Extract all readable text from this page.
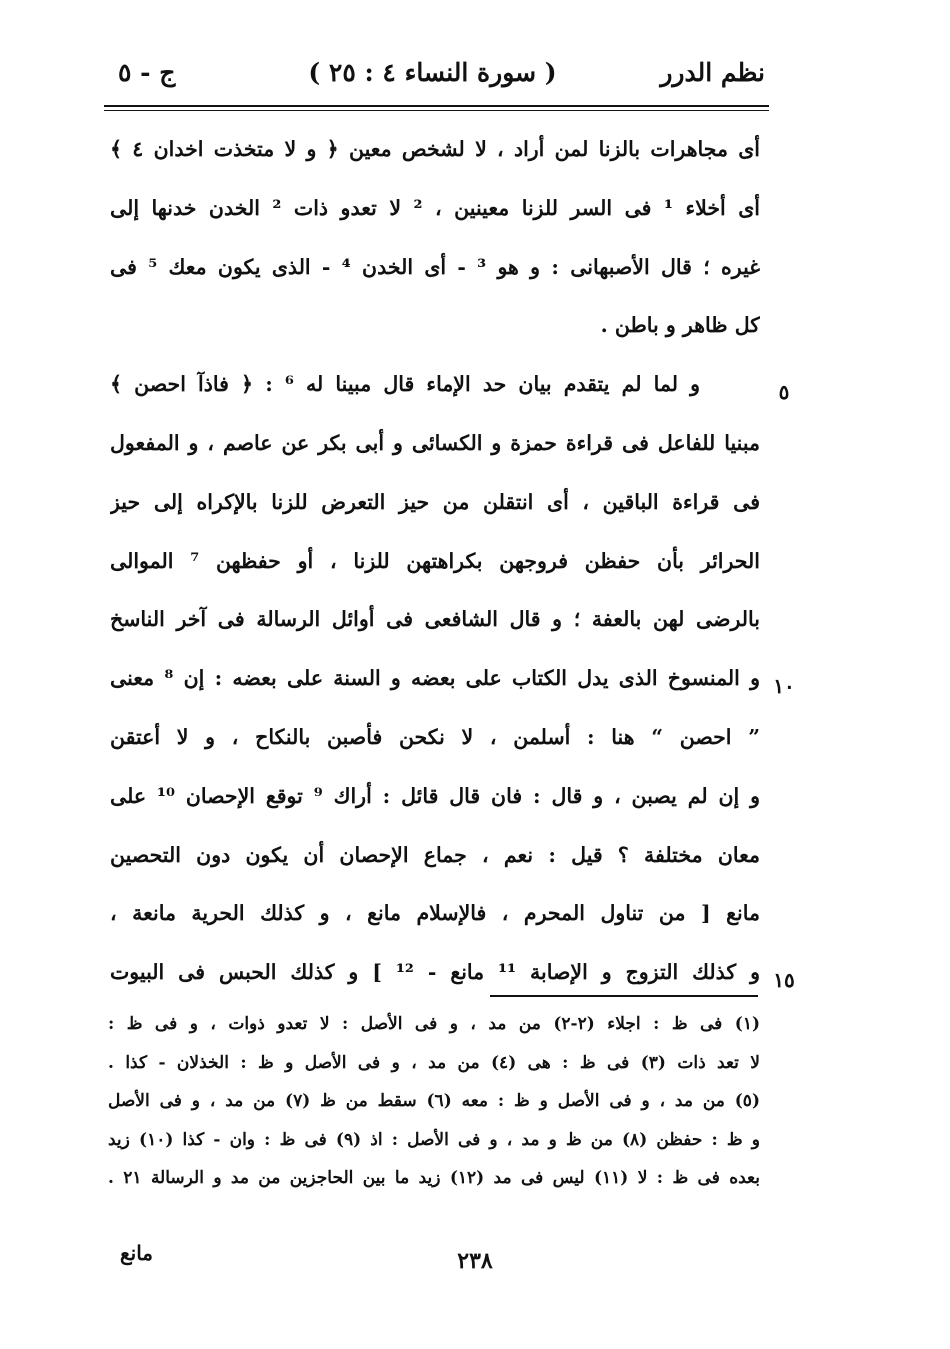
نظم الدرر
( سورة النساء ٤ : ٢٥ )
ج - ٥
أى مجاهرات بالزنا لمن أراد ، لا لشخص معين ﴿ و لا متخذت اخدان ٤ ﴾
أى أخلاء ¹ فى السر للزنا معينين ، ² لا تعدو ذات ² الخدن خدنها إلى
غيره ؛ قال الأصبهانى : و هو ³ - أى الخدن ⁴ - الذى يكون معك ⁵ فى
كل ظاهر و باطن .
و لما لم يتقدم بيان حد الإماء قال مبينا له ⁶ : ﴿ فاذآ احصن ﴾
مبنيا للفاعل فى قراءة حمزة و الكسائى و أبى بكر عن عاصم ، و المفعول
فى قراءة الباقين ، أى انتقلن من حيز التعرض للزنا بالإكراه إلى حيز
الحرائر بأن حفظن فروجهن بكراهتهن للزنا ، أو حفظهن ⁷ الموالى
بالرضى لهن بالعفة ؛ و قال الشافعى فى أوائل الرسالة فى آخر الناسخ
و المنسوخ الذى يدل الكتاب على بعضه و السنة على بعضه : إن ⁸ معنى
” احصن “ هنا : أسلمن ، لا نكحن فأصبن بالنكاح ، و لا أعتقن
و إن لم يصبن ، و قال : فان قال قائل : أراك ⁹ توقع الإحصان ¹⁰ على
معان مختلفة ؟ قيل : نعم ، جماع الإحصان أن يكون دون التحصين
مانع [ من تناول المحرم ، فالإسلام مانع ، و كذلك الحرية مانعة ،
و كذلك التزوج و الإصابة ¹¹ مانع - ¹² ] و كذلك الحبس فى البيوت
٥
١٠
١٥
(١) فى ظ : اجلاء (٢-٢) من مد ، و فى الأصل : لا تعدو ذوات ، و فى ظ :
لا تعد ذات (٣) فى ظ : هى (٤) من مد ، و فى الأصل و ظ : الخذلان - كذا .
(٥) من مد ، و فى الأصل و ظ : معه (٦) سقط من ظ (٧) من مد ، و فى الأصل
و ظ : حفظن (٨) من ظ و مد ، و فى الأصل : اذ (٩) فى ظ : وان - كذا (١٠) زيد
بعده فى ظ : لا (١١) ليس فى مد (١٢) زيد ما بين الحاجزين من مد و الرسالة ٢١ .
مانع	٢٣٨
